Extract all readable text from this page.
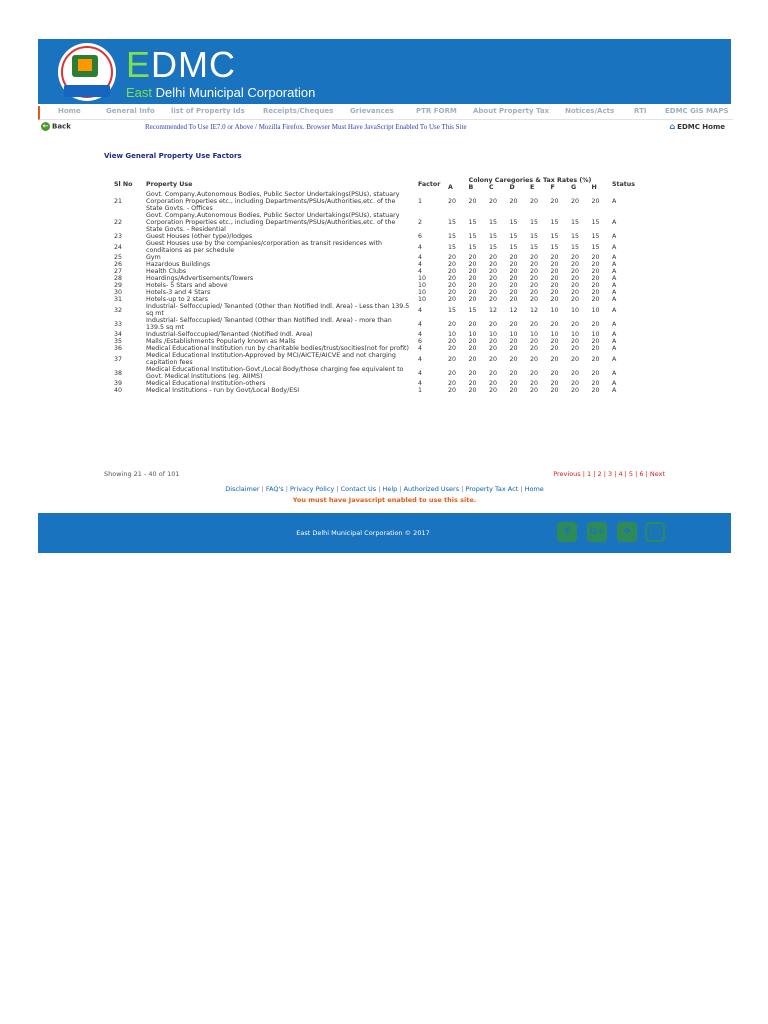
EDMC
East Delhi Municipal Corporation
Home	General Info list of Property Ids	Receipts/Cheques Grievances	PTR FORM About Property Tax Notices/Acts	RTI	EDMC GIS MAPS
← Back	Recommended To Use IE7.0 or Above / Mozilla Firefox. Browser Must Have JavaScript Enabled To Use This Site	⌂ EDMC Home
View General Property Use Factors
Sl No	Property Use	Factor	Colony Caregories & Tax Rates (%)								Status
			A	B	C	D	E	F	G	H	
21	Govt. Company,Autonomous Bodies, Public Sector Undertakings(PSUs), statuary Corporation Properties etc., including Departments/PSUs/Authorities,etc. of the State Govts. - Offices	1	20	20	20	20	20	20	20	20	A
22	Govt. Company,Autonomous Bodies, Public Sector Undertakings(PSUs), statuary Corporation Properties etc., including Departments/PSUs/Authorities,etc. of the State Govts. - Residential	2	15	15	15	15	15	15	15	15	A
23	Guest Houses (other type)/lodges	6	15	15	15	15	15	15	15	15	A
24	Guest Houses use by the companies/corporation as transit residences with conditaions as per schedule	4	15	15	15	15	15	15	15	15	A
25	Gym	4	20	20	20	20	20	20	20	20	A
26	Hazardous Buildings	4	20	20	20	20	20	20	20	20	A
27	Health Clubs	4	20	20	20	20	20	20	20	20	A
28	Hoardings/Advertisements/Towers	10	20	20	20	20	20	20	20	20	A
29	Hotels- 5 Stars and above	10	20	20	20	20	20	20	20	20	A
30	Hotels-3 and 4 Stars	10	20	20	20	20	20	20	20	20	A
31	Hotels-up to 2 stars	10	20	20	20	20	20	20	20	20	A
32	Industrial- Selfoccupied/ Tenanted (Other than Notified Indl. Area) - Less than 139.5 sq mt	4	15	15	12	12	12	10	10	10	A
33	Industrial- Selfoccupied/ Tenanted (Other than Notified Indl. Area) - more than 139.5 sq mt	4	20	20	20	20	20	20	20	20	A
34	Industrial-Selfoccupied/Tenanted (Notified Indl. Area)	4	10	10	10	10	10	10	10	10	A
35	Malls /Establishments Popularly known as Malls	6	20	20	20	20	20	20	20	20	A
36	Medical Educational Institution run by charitable bodies/trust/socities(not for profit)	4	20	20	20	20	20	20	20	20	A
37	Medical Educational Institution-Approved by MCI/AICTE/AICVE and not charging capitation fees	4	20	20	20	20	20	20	20	20	A
38	Medical Educational Institution-Govt./Local Body/those charging fee equivalent to Govt. Medical Institutions (eg. AIIMS)	4	20	20	20	20	20	20	20	20	A
39	Medical Educational Institution-others	4	20	20	20	20	20	20	20	20	A
40	Medical Institutions - run by Govt/Local Body/ESI	1	20	20	20	20	20	20	20	20	A
Showing 21 - 40 of 101	Previous | 1 | 2 | 3 | 4 | 5 | 6 | Next
Disclaimer | FAQ's | Privacy Policy | Contact Us | Help | Authorized Users | Property Tax Act | Home
You must have Javascript enabled to use this site.
East Delhi Municipal Corporation © 2017	f	G+	❖	◯
